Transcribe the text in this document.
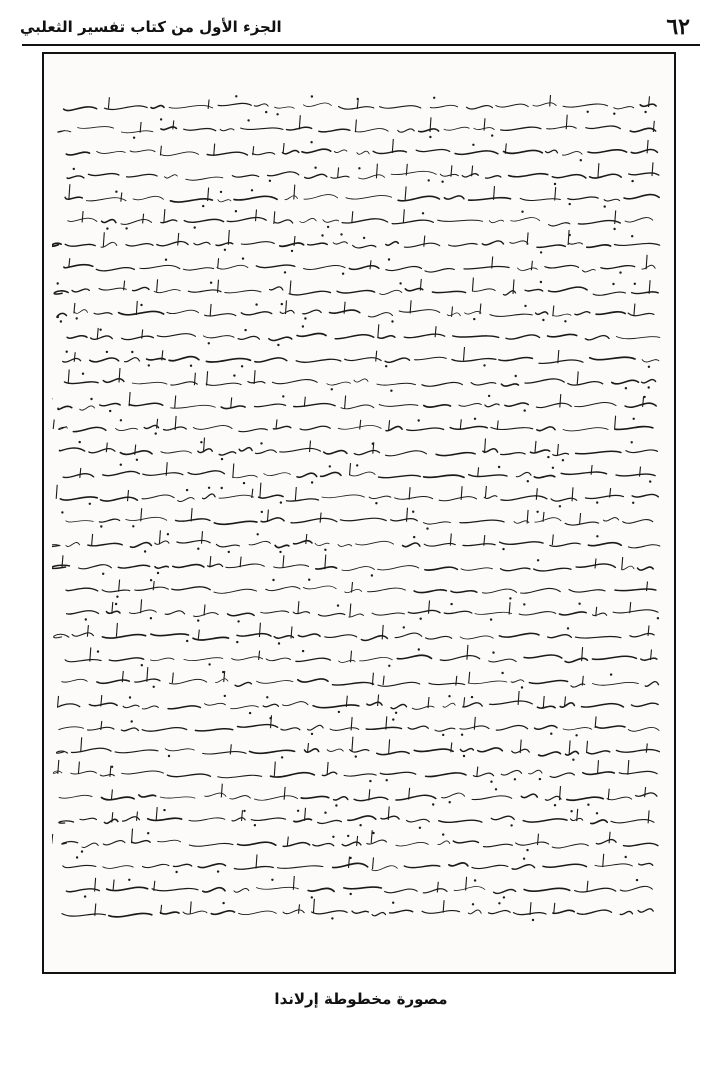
٦٢
الجزء الأول من كتاب تفسير الثعلبي
مصورة مخطوطة إرلاندا
